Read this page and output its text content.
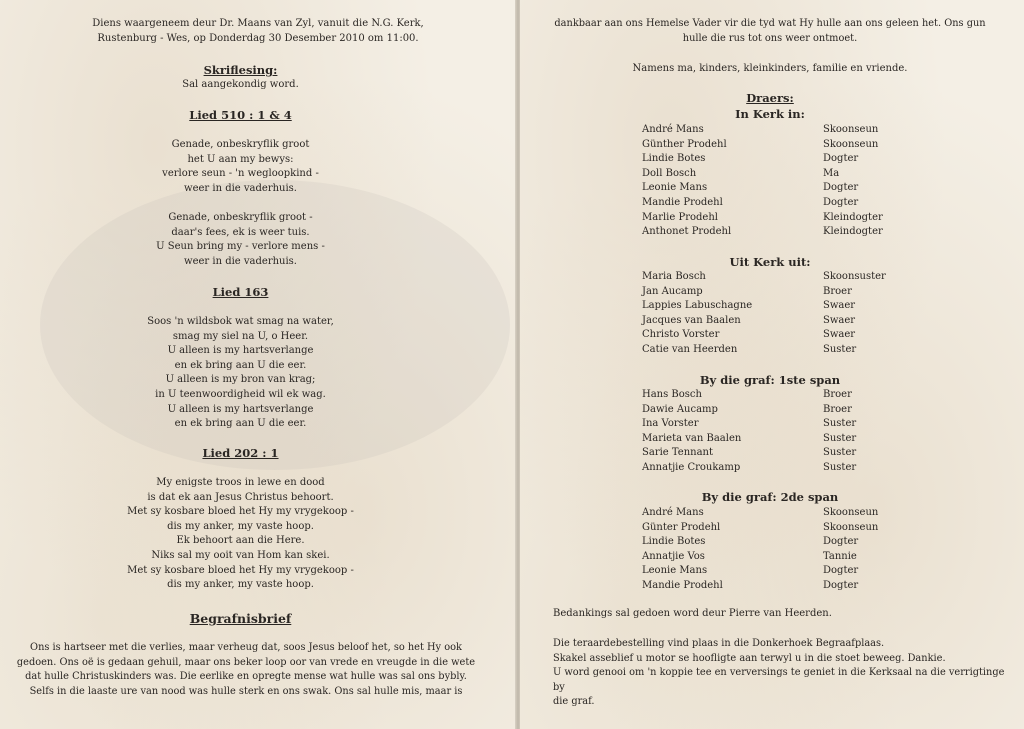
Diens waargeneem deur Dr. Maans van Zyl, vanuit die N.G. Kerk,
Rustenburg - Wes, op Donderdag 30 Desember 2010 om 11:00.
Skriflesing:
Sal aangekondig word.
Lied 510 : 1 & 4
Genade, onbeskryflik groot
het U aan my bewys:
verlore seun - 'n wegloopkind -
weer in die vaderhuis.
Genade, onbeskryflik groot -
daar's fees, ek is weer tuis.
U Seun bring my - verlore mens -
weer in die vaderhuis.
Lied 163
Soos 'n wildsbok wat smag na water,
smag my siel na U, o Heer.
U alleen is my hartsverlange
en ek bring aan U die eer.
U alleen is my bron van krag;
in U teenwoordigheid wil ek wag.
U alleen is my hartsverlange
en ek bring aan U die eer.
Lied 202 : 1
My enigste troos in lewe en dood
is dat ek aan Jesus Christus behoort.
Met sy kosbare bloed het Hy my vrygekoop -
dis my anker, my vaste hoop.
Ek behoort aan die Here.
Niks sal my ooit van Hom kan skei.
Met sy kosbare bloed het Hy my vrygekoop -
dis my anker, my vaste hoop.
Begrafnisbrief
Ons is hartseer met die verlies, maar verheug dat, soos Jesus beloof het, so het Hy ook
gedoen. Ons oë is gedaan gehuil, maar ons beker loop oor van vrede en vreugde in die wete
dat hulle Christuskinders was. Die eerlike en opregte mense wat hulle was sal ons bybly.
Selfs in die laaste ure van nood was hulle sterk en ons swak. Ons sal hulle mis, maar is
dankbaar aan ons Hemelse Vader vir die tyd wat Hy hulle aan ons geleen het. Ons gun
hulle die rus tot ons weer ontmoet.
Namens ma, kinders, kleinkinders, familie en vriende.
Draers:
In Kerk in:
André Mans	Skoonseun
Günther Prodehl	Skoonseun
Lindie Botes	Dogter
Doll Bosch	Ma
Leonie Mans	Dogter
Mandie Prodehl	Dogter
Marlie Prodehl	Kleindogter
Anthonet Prodehl	Kleindogter
Uit Kerk uit:
Maria Bosch	Skoonsuster
Jan Aucamp	Broer
Lappies Labuschagne	Swaer
Jacques van Baalen	Swaer
Christo Vorster	Swaer
Catie van Heerden	Suster
By die graf: 1ste span
Hans Bosch	Broer
Dawie Aucamp	Broer
Ina Vorster	Suster
Marieta van Baalen	Suster
Sarie Tennant	Suster
Annatjie Croukamp	Suster
By die graf: 2de span
André Mans	Skoonseun
Günter Prodehl	Skoonseun
Lindie Botes	Dogter
Annatjie Vos	Tannie
Leonie Mans	Dogter
Mandie Prodehl	Dogter
Bedankings sal gedoen word deur Pierre van Heerden.
Die teraardebestelling vind plaas in die Donkerhoek Begraafplaas.
Skakel asseblief u motor se hoofligte aan terwyl u in die stoet beweeg. Dankie.
U word genooi om 'n koppie tee en verversings te geniet in die Kerksaal na die verrigtinge by
die graf.
